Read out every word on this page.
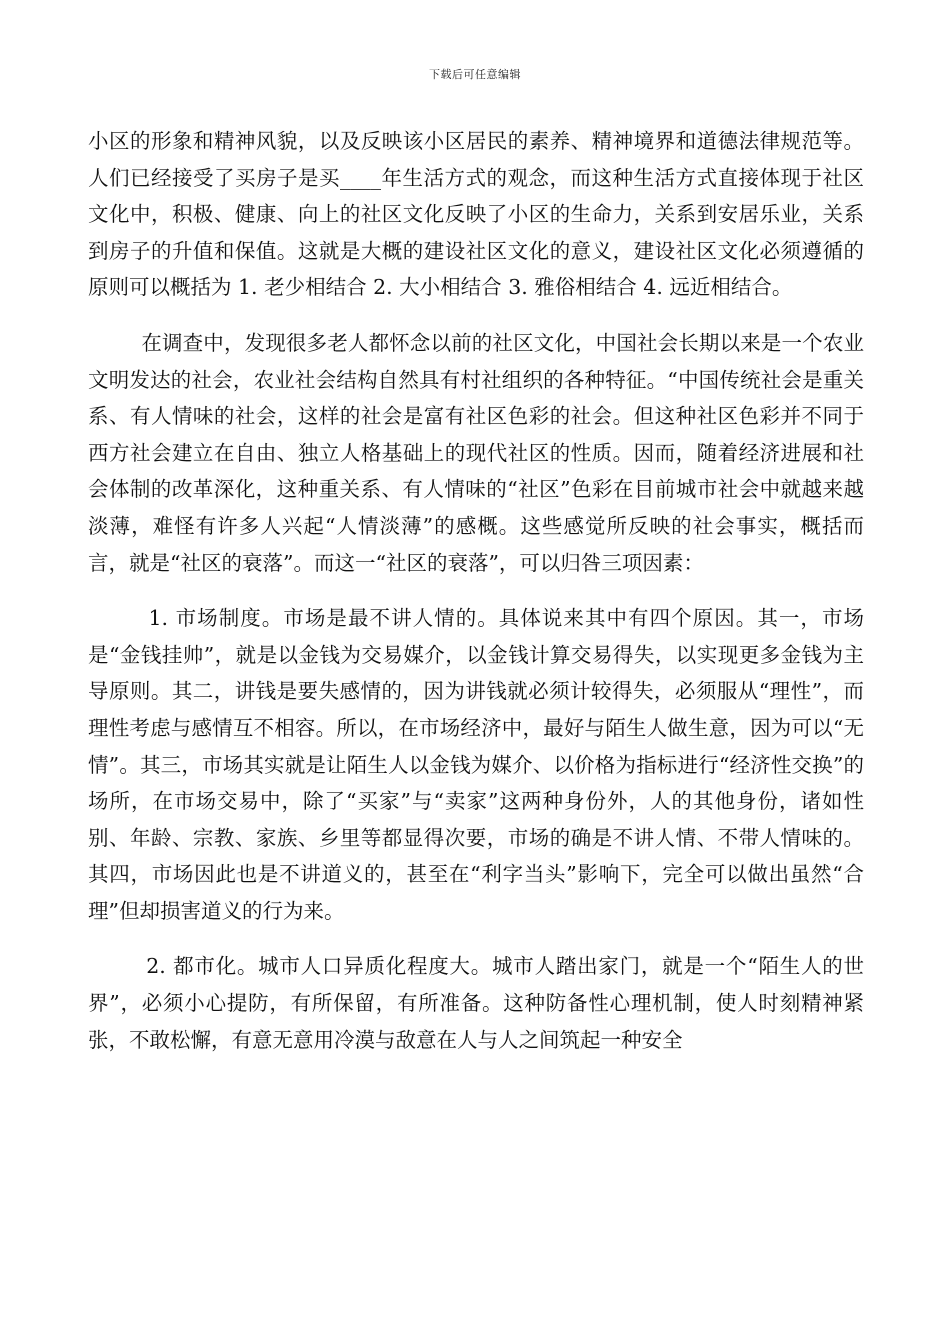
下载后可任意编辑

小区的形象和精神风貌，以及反映该小区居民的素养、精神境界和道德法律规范等。人们已经接受了买房子是买____年生活方式的观念，而这种生活方式直接体现于社区文化中，积极、健康、向上的社区文化反映了小区的生命力，关系到安居乐业，关系到房子的升值和保值。这就是大概的建设社区文化的意义，建设社区文化必须遵循的原则可以概括为 1. 老少相结合 2. 大小相结合 3. 雅俗相结合 4. 远近相结合。

在调查中，发现很多老人都怀念以前的社区文化，中国社会长期以来是一个农业文明发达的社会，农业社会结构自然具有村社组织的各种特征。“中国传统社会是重关系、有人情味的社会，这样的社会是富有社区色彩的社会。但这种社区色彩并不同于西方社会建立在自由、独立人格基础上的现代社区的性质。因而，随着经济进展和社会体制的改革深化，这种重关系、有人情味的“社区”色彩在目前城市社会中就越来越淡薄，难怪有许多人兴起“人情淡薄”的感概。这些感觉所反映的社会事实，概括而言，就是“社区的衰落”。而这一“社区的衰落”，可以归咎三项因素：

1. 市场制度。市场是最不讲人情的。具体说来其中有四个原因。其一，市场是“金钱挂帅”，就是以金钱为交易媒介，以金钱计算交易得失，以实现更多金钱为主导原则。其二，讲钱是要失感情的，因为讲钱就必须计较得失，必须服从“理性”，而理性考虑与感情互不相容。所以，在市场经济中，最好与陌生人做生意，因为可以“无情”。其三，市场其实就是让陌生人以金钱为媒介、以价格为指标进行“经济性交换”的场所，在市场交易中，除了“买家”与“卖家”这两种身份外，人的其他身份，诸如性别、年龄、宗教、家族、乡里等都显得次要，市场的确是不讲人情、不带人情味的。其四，市场因此也是不讲道义的，甚至在“利字当头”影响下，完全可以做出虽然“合理”但却损害道义的行为来。

2. 都市化。城市人口异质化程度大。城市人踏出家门，就是一个“陌生人的世界”，必须小心提防，有所保留，有所准备。这种防备性心理机制，使人时刻精神紧张，不敢松懈，有意无意用冷漠与敌意在人与人之间筑起一种安全
